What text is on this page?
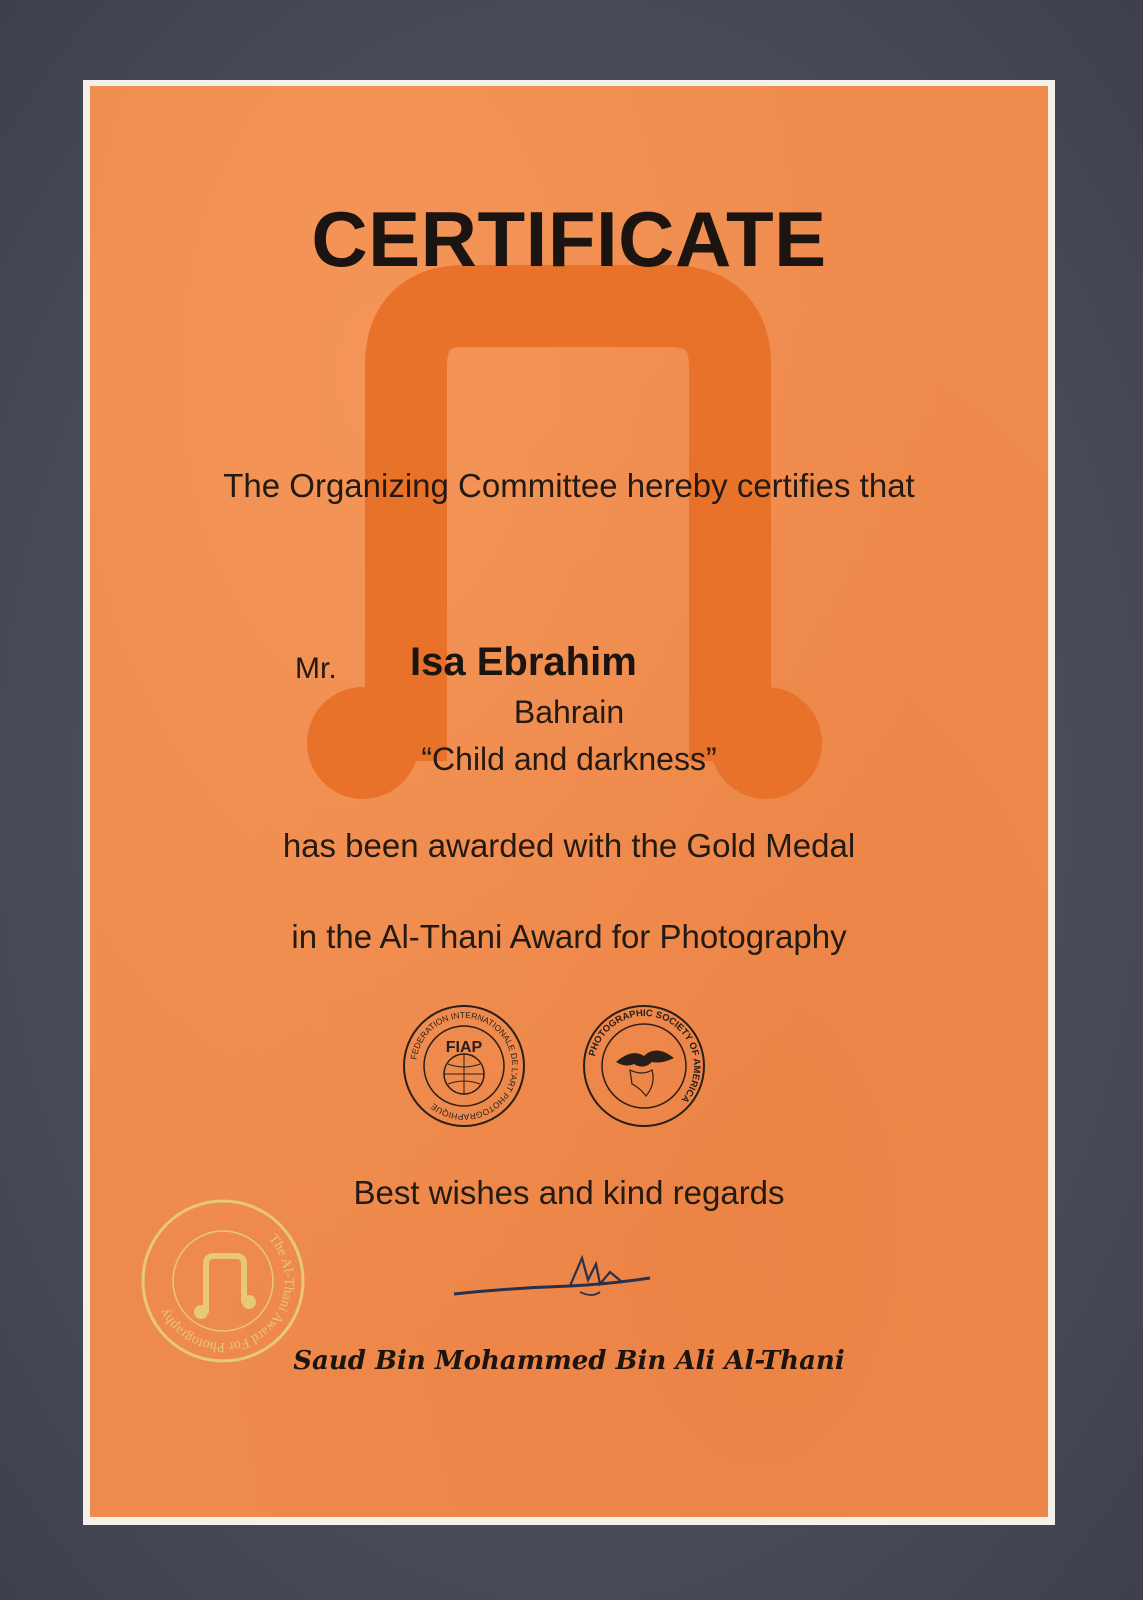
CERTIFICATE
The Organizing Committee hereby certifies that
Mr. Isa Ebrahim
Bahrain
“Child and darkness”
has been awarded with the Gold Medal
in the Al-Thani Award for Photography
FEDERATION INTERNATIONALE DE L'ART PHOTOGRAPHIQUE
FIAP	PHOTOGRAPHIC SOCIETY OF AMERICA
Best wishes and kind regards
Saud Bin Mohammed Bin Ali Al-Thani
The Al-Thani Award For Photography
